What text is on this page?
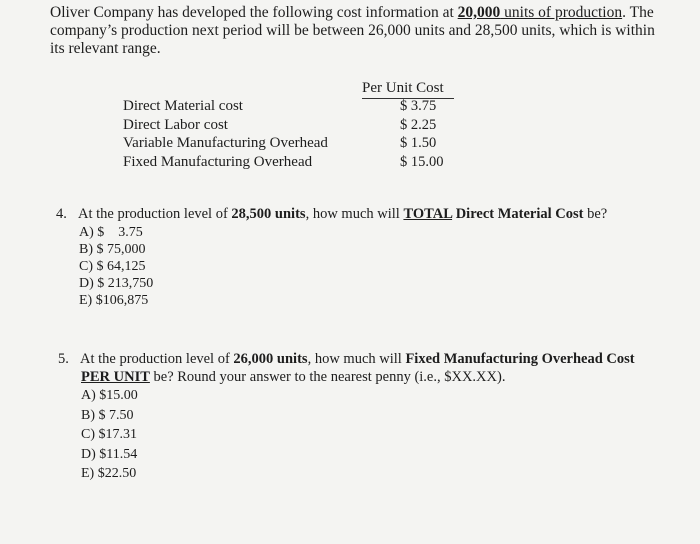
Oliver Company has developed the following cost information at 20,000 units of production. The company’s production next period will be between 26,000 units and 28,500 units, which is within its relevant range.
Per Unit Cost
Direct Material cost
Direct Labor cost
Variable Manufacturing Overhead
Fixed Manufacturing Overhead
$ 3.75
$ 2.25
$ 1.50
$ 15.00
4. At the production level of 28,500 units, how much will TOTAL Direct Material Cost be?
A) $    3.75
B) $ 75,000
C) $ 64,125
D) $ 213,750
E) $106,875
5. At the production level of 26,000 units, how much will Fixed Manufacturing Overhead Cost
PER UNIT be? Round your answer to the nearest penny (i.e., $XX.XX).
A) $15.00
B) $ 7.50
C) $17.31
D) $11.54
E) $22.50
